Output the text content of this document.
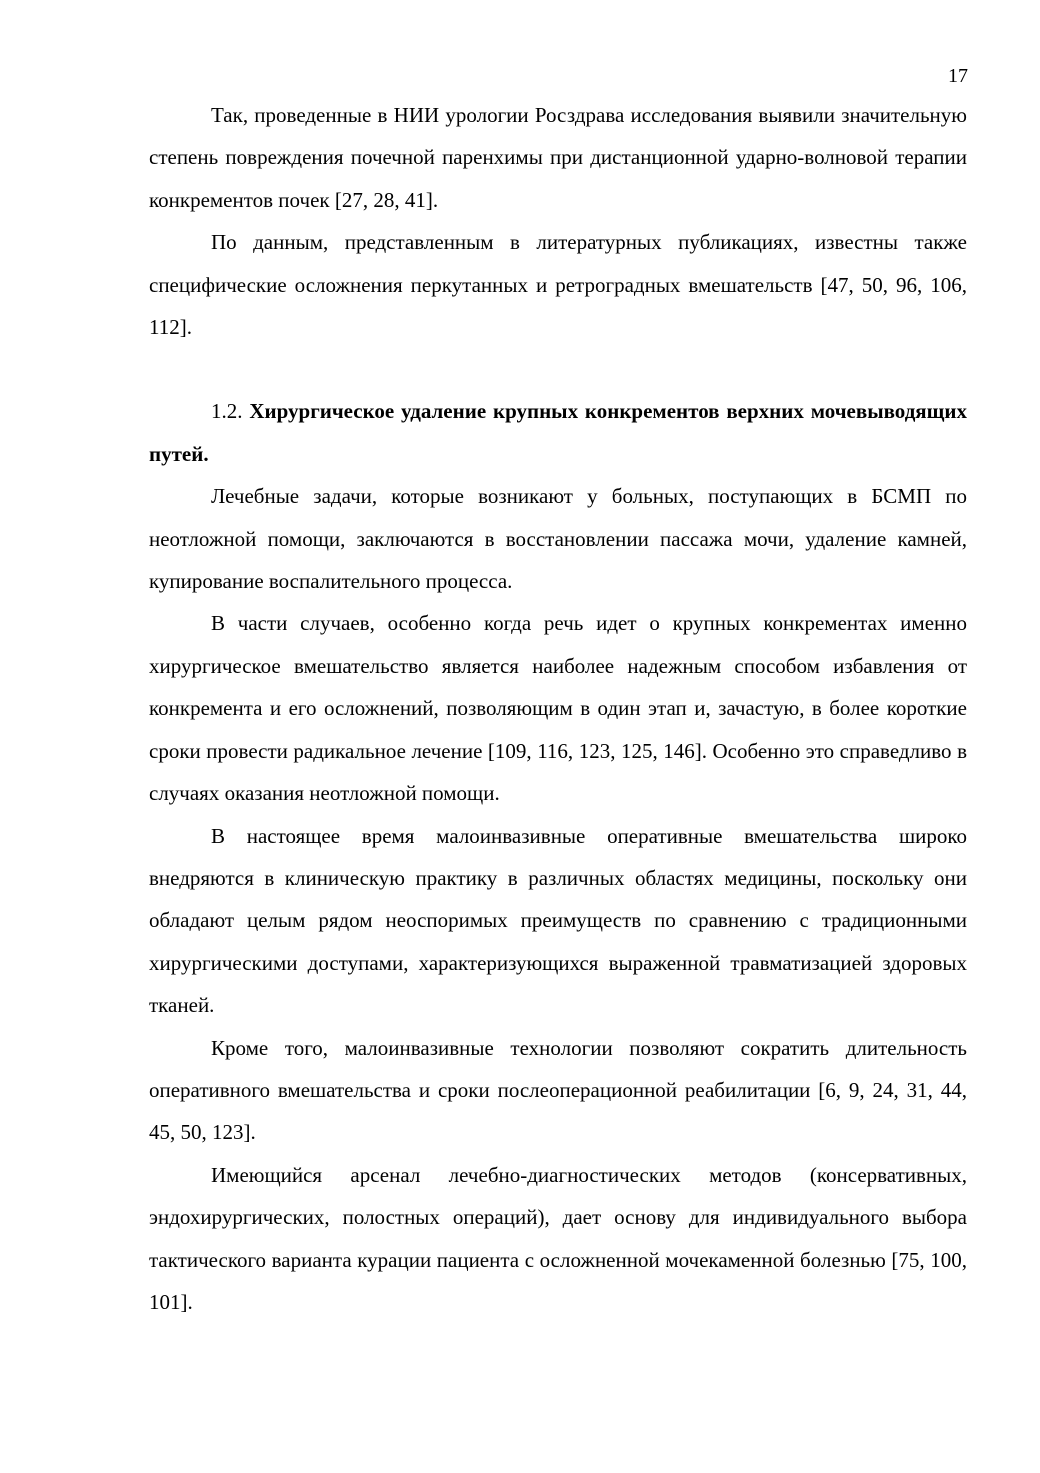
17

Так, проведенные в НИИ урологии Росздрава исследования выявили значительную степень повреждения почечной паренхимы при дистанционной ударно-волновой терапии конкрементов почек [27, 28, 41].

По данным, представленным в литературных публикациях, известны также специфические осложнения перкутанных и ретроградных вмешательств [47, 50, 96, 106, 112].

1.2. Хирургическое удаление крупных конкрементов верхних мочевыводящих путей.

Лечебные задачи, которые возникают у больных, поступающих в БСМП по неотложной помощи, заключаются в восстановлении пассажа мочи, удаление камней, купирование воспалительного процесса.

В части случаев, особенно когда речь идет о крупных конкрементах именно хирургическое вмешательство является наиболее надежным способом избавления от конкремента и его осложнений, позволяющим в один этап и, зачастую, в более короткие сроки провести радикальное лечение [109, 116, 123, 125, 146]. Особенно это справедливо в случаях оказания неотложной помощи.

В настоящее время малоинвазивные оперативные вмешательства широко внедряются в клиническую практику в различных областях медицины, поскольку они обладают целым рядом неоспоримых преимуществ по сравнению с традиционными хирургическими доступами, характеризующихся выраженной травматизацией здоровых тканей.

Кроме того, малоинвазивные технологии позволяют сократить длительность оперативного вмешательства и сроки послеоперационной реабилитации [6, 9, 24, 31, 44, 45, 50, 123].

Имеющийся арсенал лечебно-диагностических методов (консервативных, эндохирургических, полостных операций), дает основу для индивидуального выбора тактического варианта курации пациента с осложненной мочекаменной болезнью [75, 100, 101].
